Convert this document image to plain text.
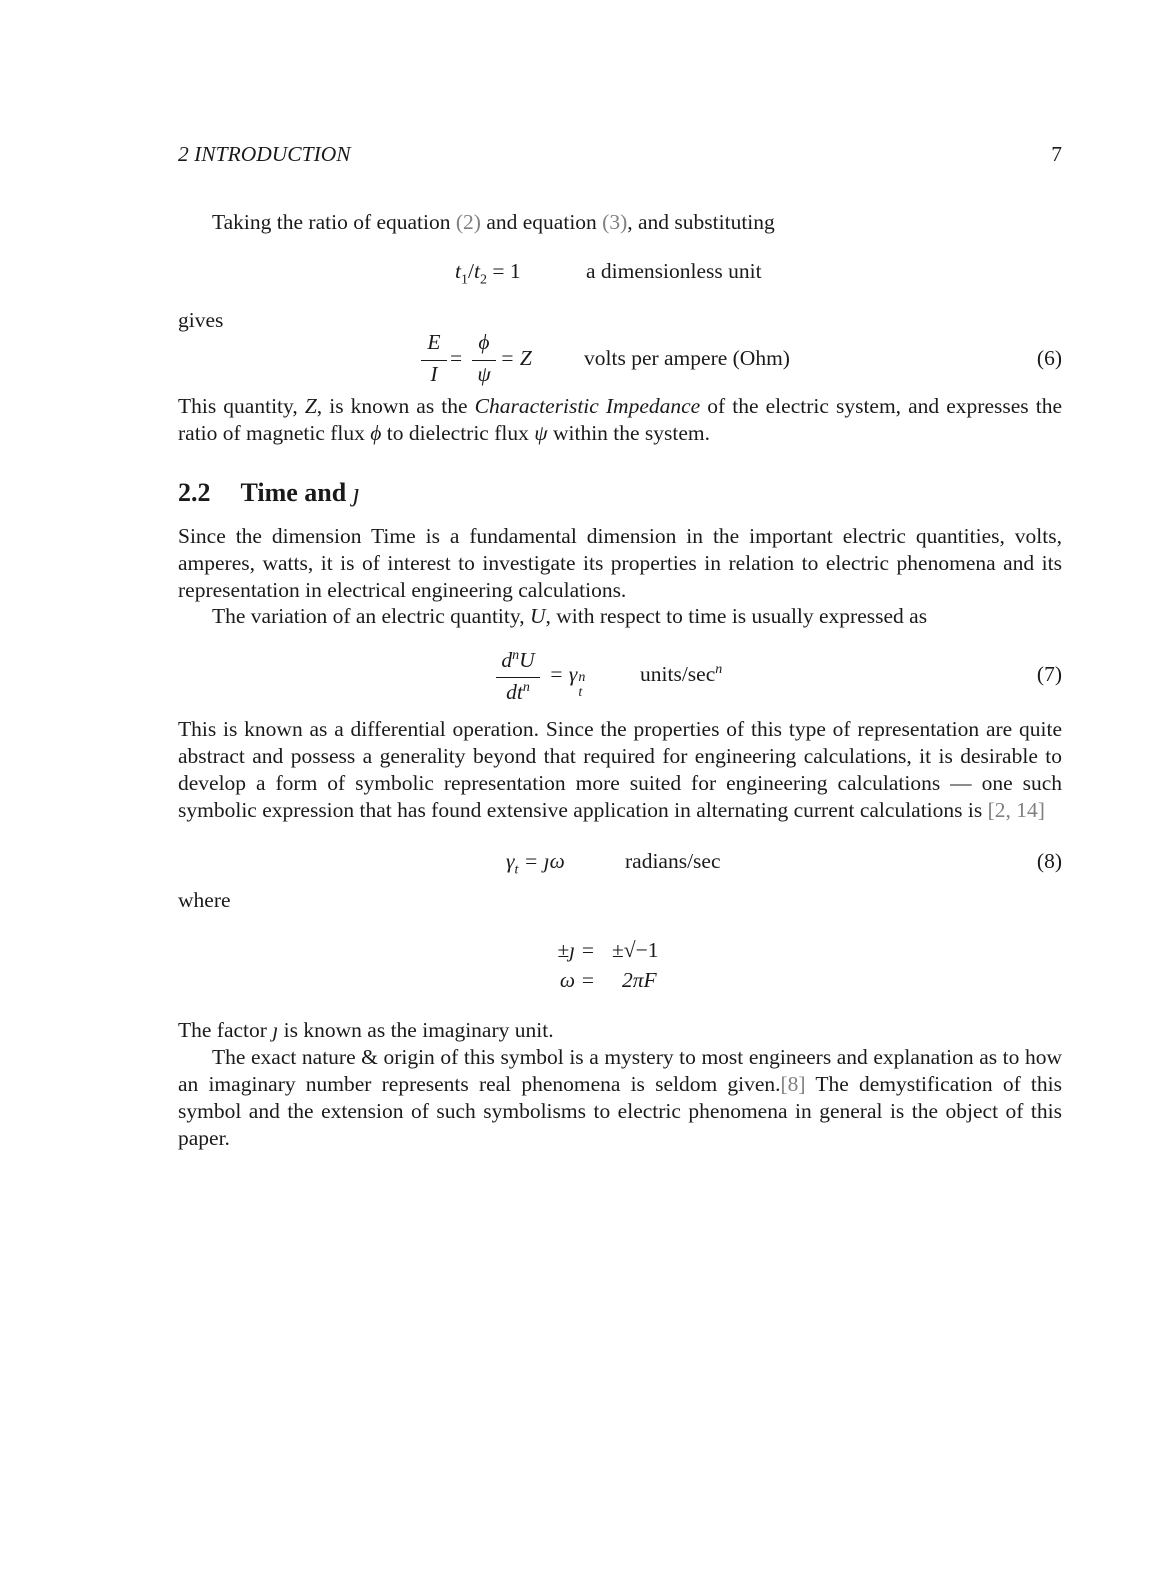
2 INTRODUCTION	7
Taking the ratio of equation (2) and equation (3), and substituting
$t_1/t_2 = 1$	a dimensionless unit
gives
E
I
=
ϕ
ψ
= Z volts per ampere (Ohm)	(6)
This quantity, Z, is known as the Characteristic Impedance of the electric system, and expresses the ratio of magnetic flux ϕ to dielectric flux ψ within the system.
2.2 Time and ȷ
Since the dimension Time is a fundamental dimension in the important electric quantities, volts, amperes, watts, it is of interest to investigate its properties in relation to electric phenomena and its representation in electrical engineering calculations.
The variation of an electric quantity, U, with respect to time is usually expressed as
$d^nU$
$dt^n$
= γ n
t
units/$\sec^n$	(7)
This is known as a differential operation. Since the properties of this type of representation are quite abstract and possess a generality beyond that required for engineering calculations, it is desirable to develop a form of symbolic representation more suited for engineering calculations — one such symbolic expression that has found extensive application in alternating current calculations is [2, 14]
$\gamma_t$ = ȷω	radians/sec	(8)
where
±ȷ = ±√−1
ω = 2πF
The factor ȷ is known as the imaginary unit.
The exact nature & origin of this symbol is a mystery to most engineers and explanation as to how an imaginary number represents real phenomena is seldom given.[8] The demystification of this symbol and the extension of such symbolisms to electric phenomena in general is the object of this paper.
